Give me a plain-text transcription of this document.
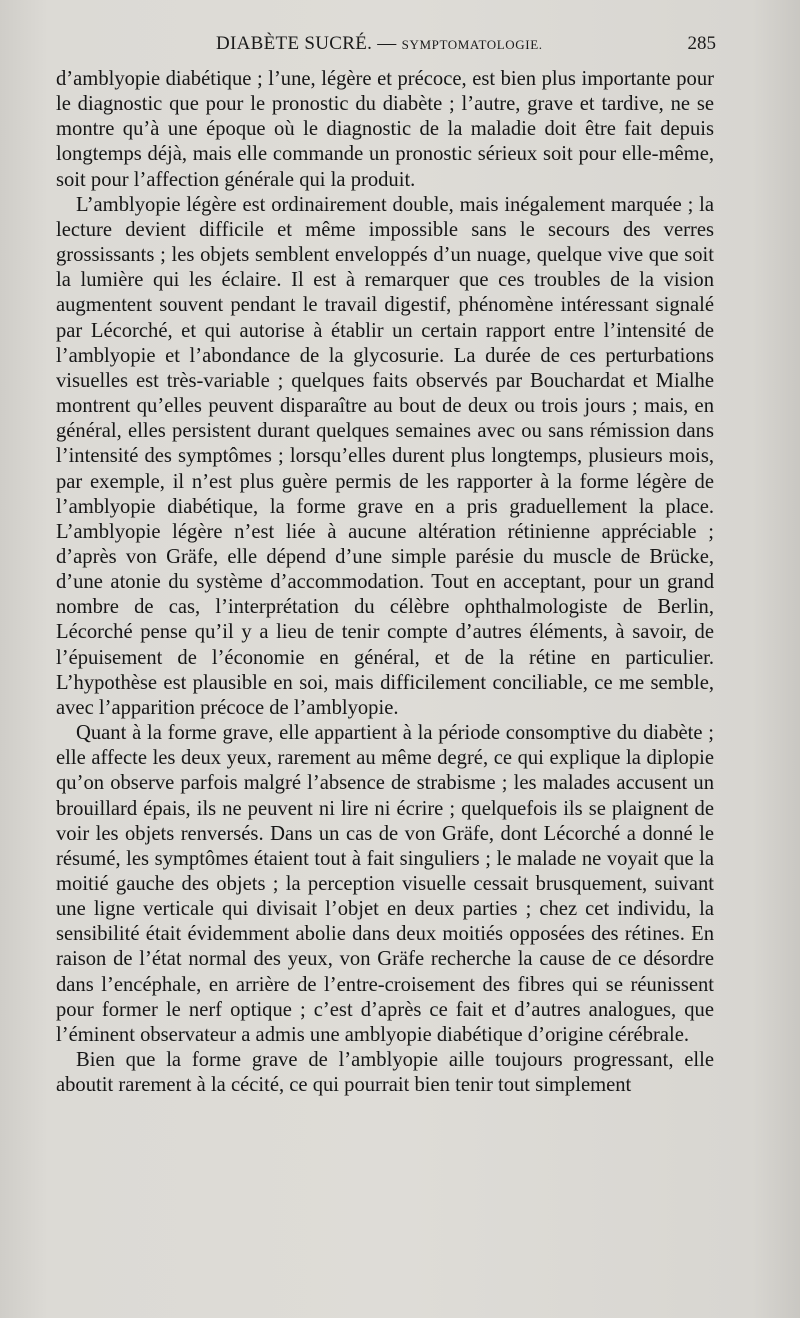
DIABÈTE SUCRÉ. — SYMPTOMATOLOGIE.	285

d’amblyopie diabétique ; l’une, légère et précoce, est bien plus importante pour le diagnostic que pour le pronostic du diabète ; l’autre, grave et tardive, ne se montre qu’à une époque où le diagnostic de la maladie doit être fait depuis longtemps déjà, mais elle commande un pronostic sérieux soit pour elle-même, soit pour l’affection générale qui la produit.

L’amblyopie légère est ordinairement double, mais inégalement marquée ; la lecture devient difficile et même impossible sans le secours des verres grossissants ; les objets semblent enveloppés d’un nuage, quelque vive que soit la lumière qui les éclaire. Il est à remarquer que ces troubles de la vision augmentent souvent pendant le travail digestif, phénomène intéressant signalé par Lécorché, et qui autorise à établir un certain rapport entre l’intensité de l’amblyopie et l’abondance de la glycosurie. La durée de ces perturbations visuelles est très-variable ; quelques faits observés par Bouchardat et Mialhe montrent qu’elles peuvent disparaître au bout de deux ou trois jours ; mais, en général, elles persistent durant quelques semaines avec ou sans rémission dans l’intensité des symptômes ; lorsqu’elles durent plus longtemps, plusieurs mois, par exemple, il n’est plus guère permis de les rapporter à la forme légère de l’amblyopie diabétique, la forme grave en a pris graduellement la place. L’amblyopie légère n’est liée à aucune altération rétinienne appréciable ; d’après von Gräfe, elle dépend d’une simple parésie du muscle de Brücke, d’une atonie du système d’accommodation. Tout en acceptant, pour un grand nombre de cas, l’interprétation du célèbre ophthalmologiste de Berlin, Lécorché pense qu’il y a lieu de tenir compte d’autres éléments, à savoir, de l’épuisement de l’économie en général, et de la rétine en particulier. L’hypothèse est plausible en soi, mais difficilement conciliable, ce me semble, avec l’apparition précoce de l’amblyopie.

Quant à la forme grave, elle appartient à la période consomptive du diabète ; elle affecte les deux yeux, rarement au même degré, ce qui explique la diplopie qu’on observe parfois malgré l’absence de strabisme ; les malades accusent un brouillard épais, ils ne peuvent ni lire ni écrire ; quelquefois ils se plaignent de voir les objets renversés. Dans un cas de von Gräfe, dont Lécorché a donné le résumé, les symptômes étaient tout à fait singuliers ; le malade ne voyait que la moitié gauche des objets ; la perception visuelle cessait brusquement, suivant une ligne verticale qui divisait l’objet en deux parties ; chez cet individu, la sensibilité était évidemment abolie dans deux moitiés opposées des rétines. En raison de l’état normal des yeux, von Gräfe recherche la cause de ce désordre dans l’encéphale, en arrière de l’entre-croisement des fibres qui se réunissent pour former le nerf optique ; c’est d’après ce fait et d’autres analogues, que l’éminent observateur a admis une amblyopie diabétique d’origine cérébrale.

Bien que la forme grave de l’amblyopie aille toujours progressant, elle aboutit rarement à la cécité, ce qui pourrait bien tenir tout simplement
